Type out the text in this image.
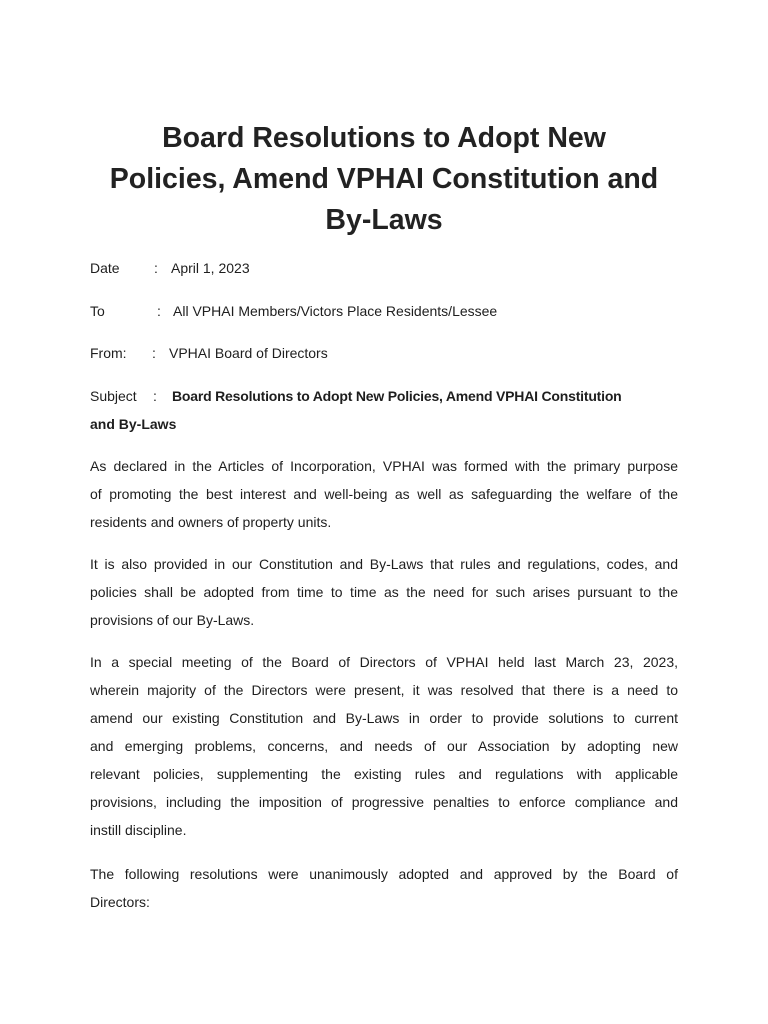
Board Resolutions to Adopt New
Policies, Amend VPHAI Constitution and
By-Laws
Date : April 1, 2023
To	: All VPHAI Members/Victors Place Residents/Lessee
From: : VPHAI Board of Directors
Subject : Board Resolutions to Adopt New Policies, Amend VPHAI Constitution
and By-Laws
As declared in the Articles of Incorporation, VPHAI was formed with the primary purpose
of promoting the best interest and well-being as well as safeguarding the welfare of the
residents and owners of property units.
It is also provided in our Constitution and By-Laws that rules and regulations, codes, and
policies shall be adopted from time to time as the need for such arises pursuant to the
provisions of our By-Laws.
In a special meeting of the Board of Directors of VPHAI held last March 23, 2023,
wherein majority of the Directors were present, it was resolved that there is a need to
amend our existing Constitution and By-Laws in order to provide solutions to current
and emerging problems, concerns, and needs of our Association by adopting new
relevant policies, supplementing the existing rules and regulations with applicable
provisions, including the imposition of progressive penalties to enforce compliance and
instill discipline.
The following resolutions were unanimously adopted and approved by the Board of
Directors:
